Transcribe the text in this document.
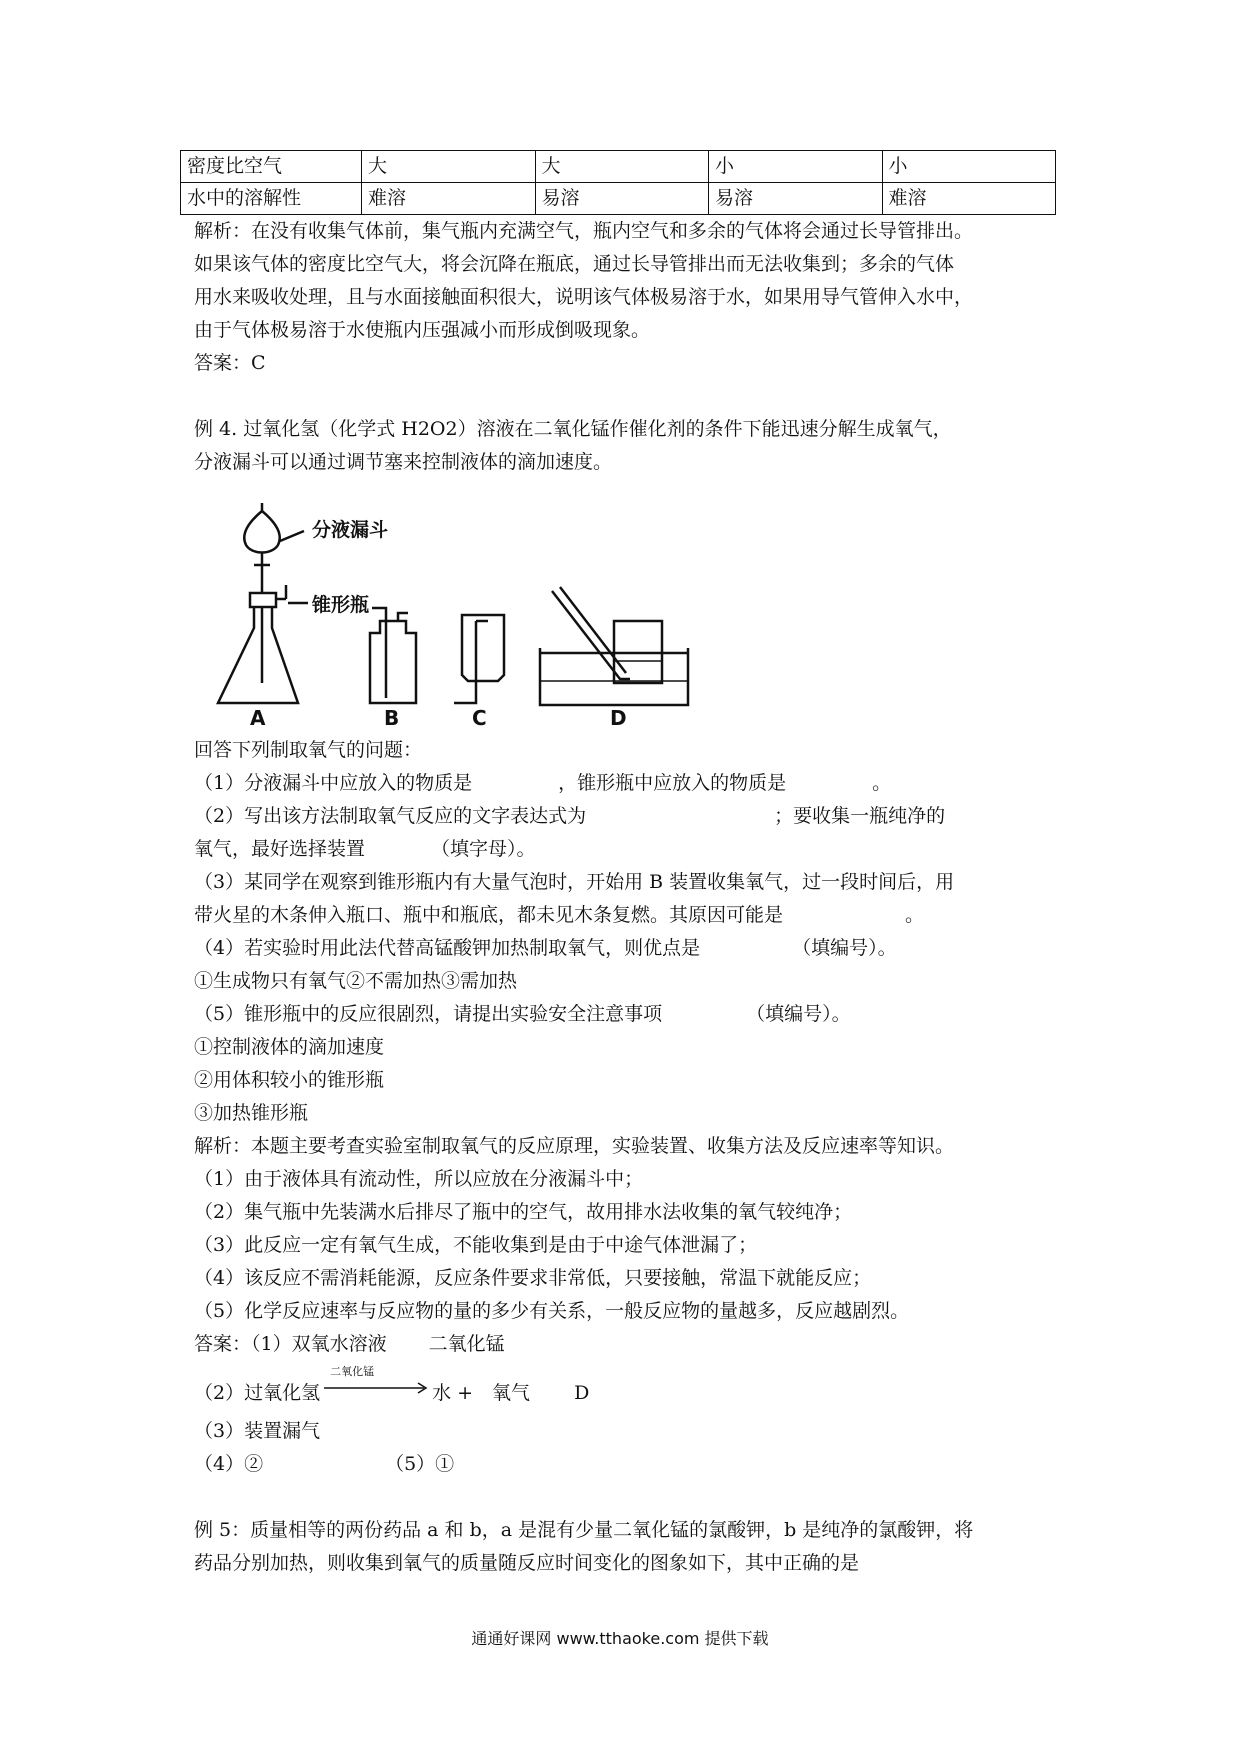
密度比空气	大	大	小	小
水中的溶解性	难溶	易溶	易溶	难溶

解析：在没有收集气体前，集气瓶内充满空气，瓶内空气和多余的气体将会通过长导管排出。

如果该气体的密度比空气大，将会沉降在瓶底，通过长导管排出而无法收集到；多余的气体

用水来吸收处理，且与水面接触面积很大，说明该气体极易溶于水，如果用导气管伸入水中，

由于气体极易溶于水使瓶内压强减小而形成倒吸现象。

答案：C

例 4. 过氧化氢（化学式 H2O2）溶液在二氧化锰作催化剂的条件下能迅速分解生成氧气，

分液漏斗可以通过调节塞来控制液体的滴加速度。

分液漏斗
锥形瓶
A	B	C	D

回答下列制取氧气的问题：

（1）分液漏斗中应放入的物质是	，锥形瓶中应放入的物质是	。

（2）写出该方法制取氧气反应的文字表达式为	；要收集一瓶纯净的

氧气，最好选择装置	（填字母）。

（3）某同学在观察到锥形瓶内有大量气泡时，开始用 B 装置收集氧气，过一段时间后，用

带火星的木条伸入瓶口、瓶中和瓶底，都未见木条复燃。其原因可能是	。

（4）若实验时用此法代替高锰酸钾加热制取氧气，则优点是	（填编号）。

①生成物只有氧气②不需加热③需加热

（5）锥形瓶中的反应很剧烈，请提出实验安全注意事项	（填编号）。

①控制液体的滴加速度

②用体积较小的锥形瓶

③加热锥形瓶

解析：本题主要考查实验室制取氧气的反应原理，实验装置、收集方法及反应速率等知识。

（1）由于液体具有流动性，所以应放在分液漏斗中；

（2）集气瓶中先装满水后排尽了瓶中的空气，故用排水法收集的氧气较纯净；

（3）此反应一定有氧气生成，不能收集到是由于中途气体泄漏了；

（4）该反应不需消耗能源，反应条件要求非常低，只要接触，常温下就能反应；

（5）化学反应速率与反应物的量的多少有关系，一般反应物的量越多，反应越剧烈。

答案：（1）双氧水溶液 二氧化锰

（2）过氧化氢
二氧化锰
水 +　氧气 D

（3）装置漏气

（4）②	（5）①

例 5：质量相等的两份药品 a 和 b，a 是混有少量二氧化锰的氯酸钾，b 是纯净的氯酸钾，将

药品分别加热，则收集到氧气的质量随反应时间变化的图象如下，其中正确的是

通通好课网 www.tthaoke.com 提供下载
